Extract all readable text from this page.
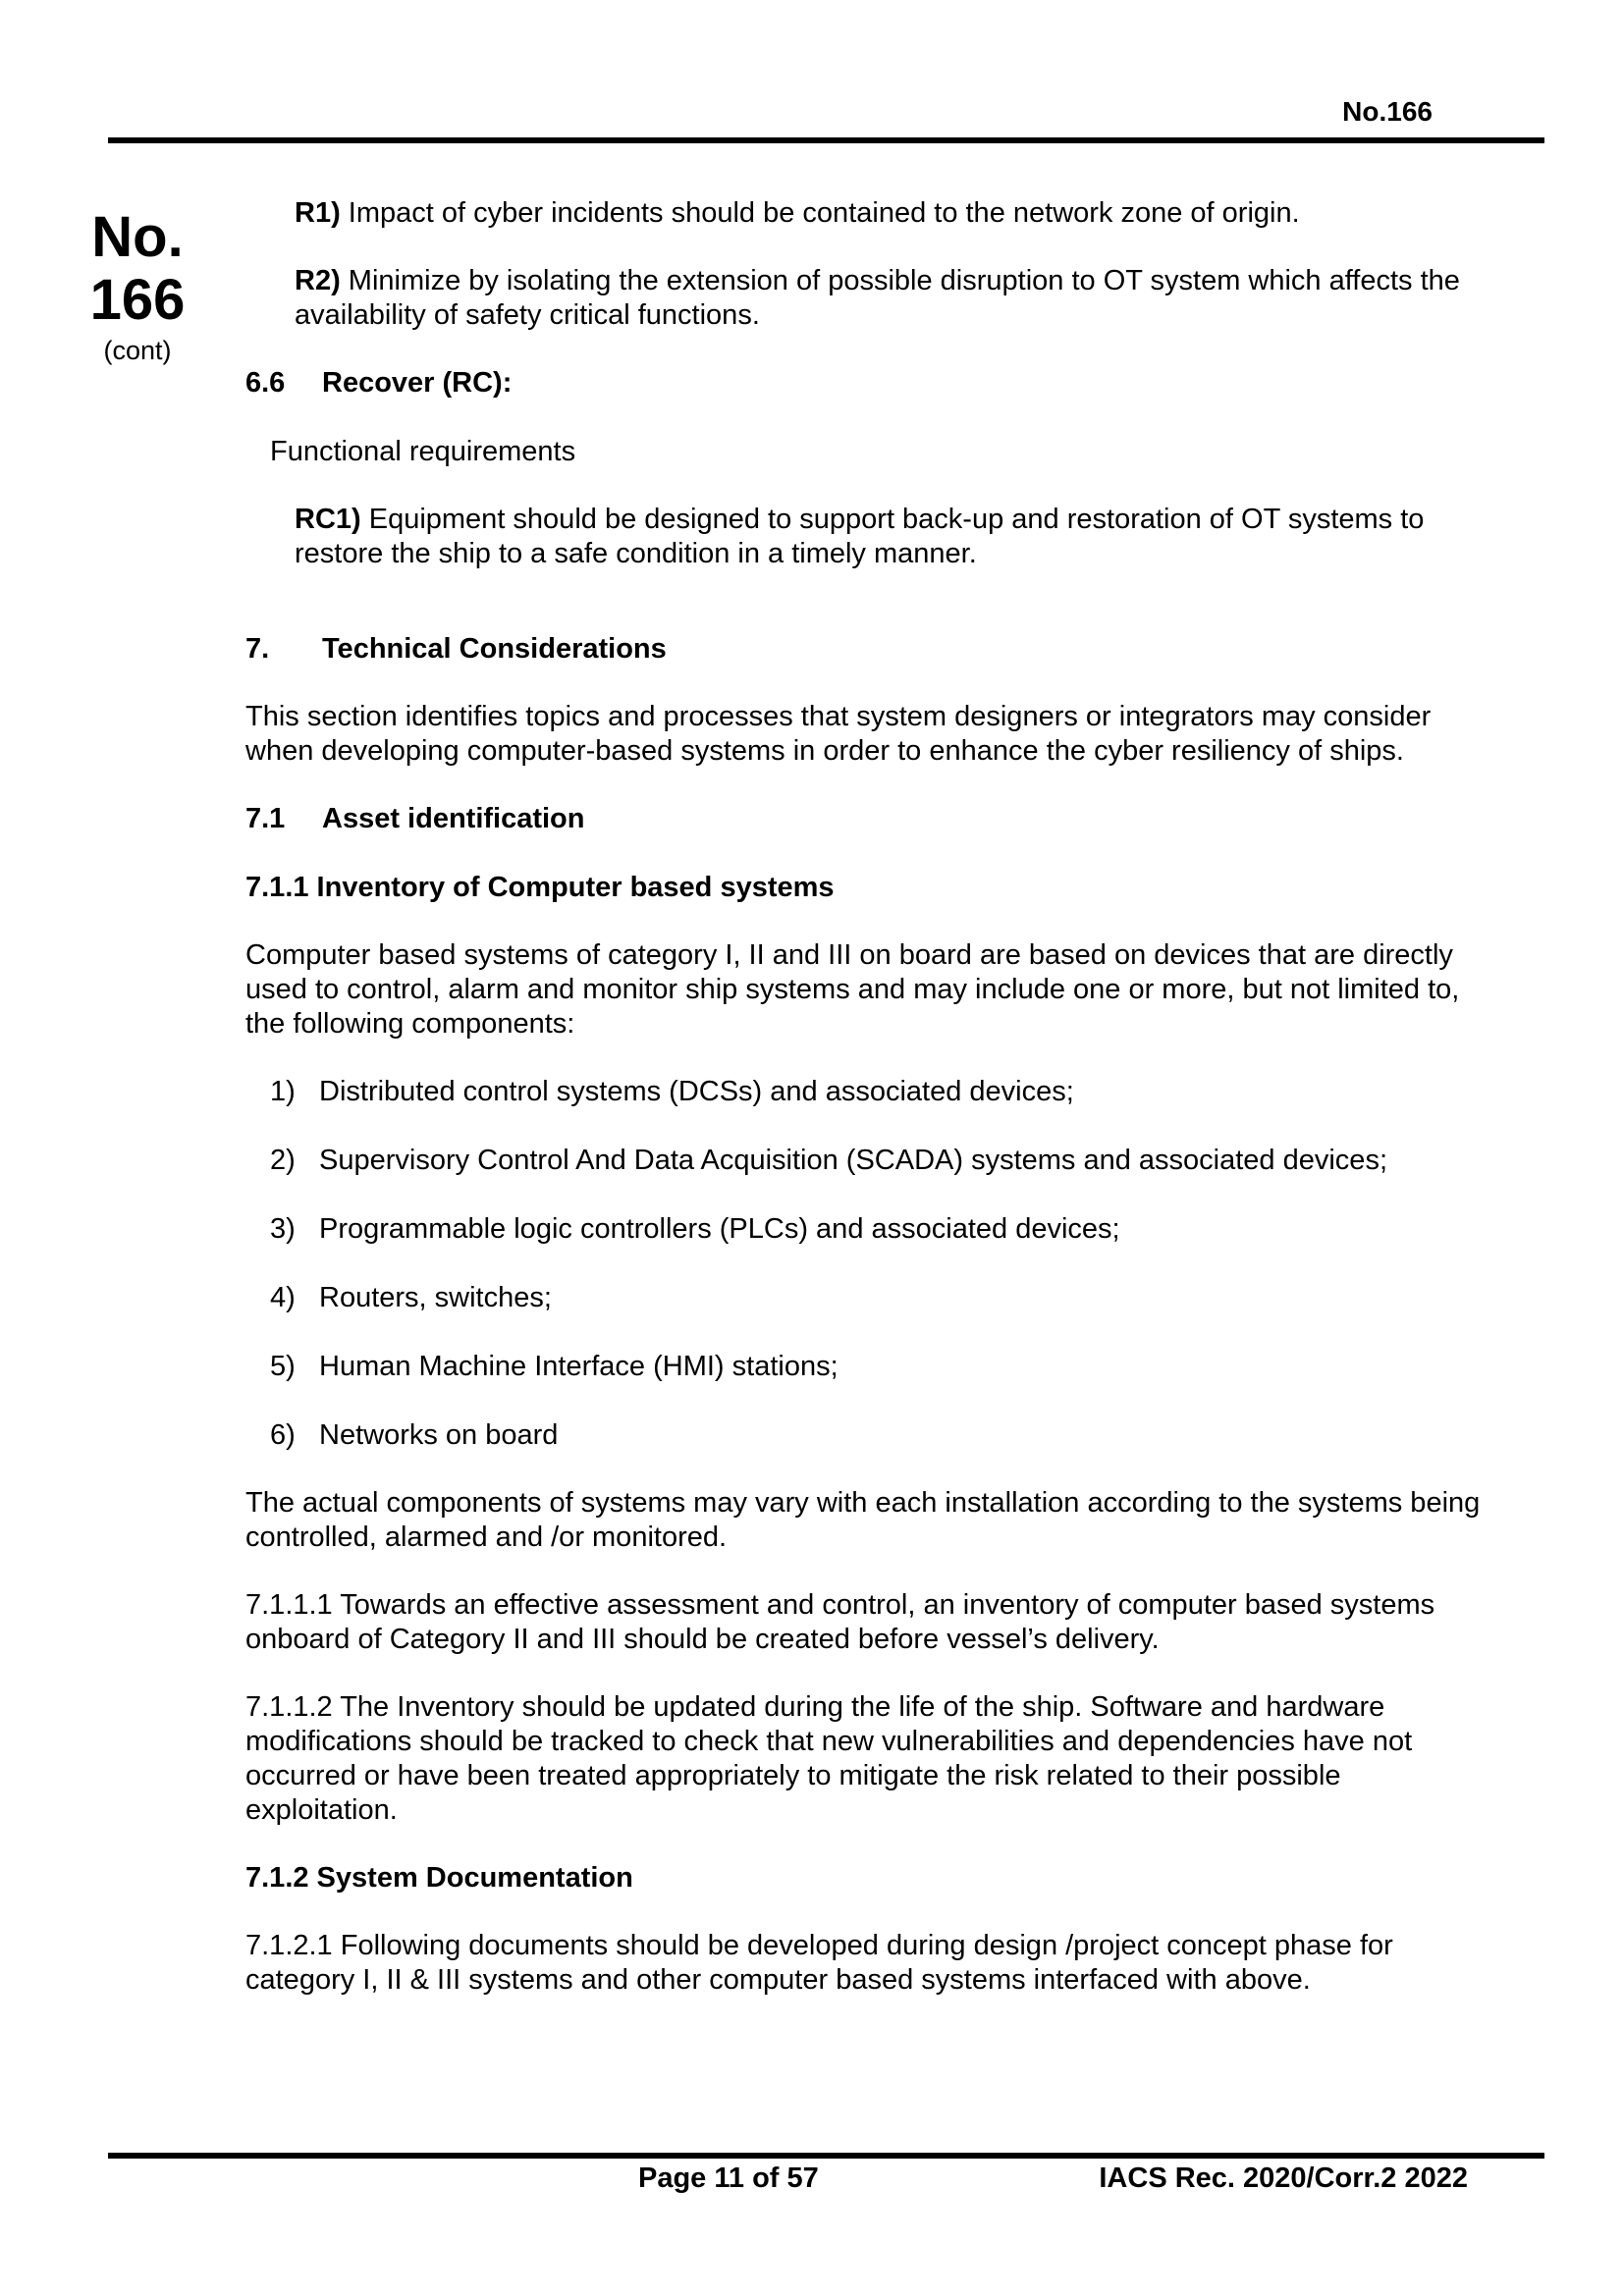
No.166
No.
166
(cont)

R1) Impact of cyber incidents should be contained to the network zone of origin.

R2) Minimize by isolating the extension of possible disruption to OT system which affects the availability of safety critical functions.

6.6 Recover (RC):

Functional requirements

RC1) Equipment should be designed to support back-up and restoration of OT systems to restore the ship to a safe condition in a timely manner.

7. Technical Considerations

This section identifies topics and processes that system designers or integrators may consider when developing computer-based systems in order to enhance the cyber resiliency of ships.

7.1 Asset identification

7.1.1 Inventory of Computer based systems

Computer based systems of category I, II and III on board are based on devices that are directly used to control, alarm and monitor ship systems and may include one or more, but not limited to, the following components:

1) Distributed control systems (DCSs) and associated devices;
2) Supervisory Control And Data Acquisition (SCADA) systems and associated devices;
3) Programmable logic controllers (PLCs) and associated devices;
4) Routers, switches;
5) Human Machine Interface (HMI) stations;
6) Networks on board

The actual components of systems may vary with each installation according to the systems being controlled, alarmed and /or monitored.

7.1.1.1 Towards an effective assessment and control, an inventory of computer based systems onboard of Category II and III should be created before vessel’s delivery.

7.1.1.2 The Inventory should be updated during the life of the ship. Software and hardware modifications should be tracked to check that new vulnerabilities and dependencies have not occurred or have been treated appropriately to mitigate the risk related to their possible exploitation.

7.1.2 System Documentation

7.1.2.1 Following documents should be developed during design /project concept phase for category I, II & III systems and other computer based systems interfaced with above.

Page 11 of 57	IACS Rec. 2020/Corr.2 2022
